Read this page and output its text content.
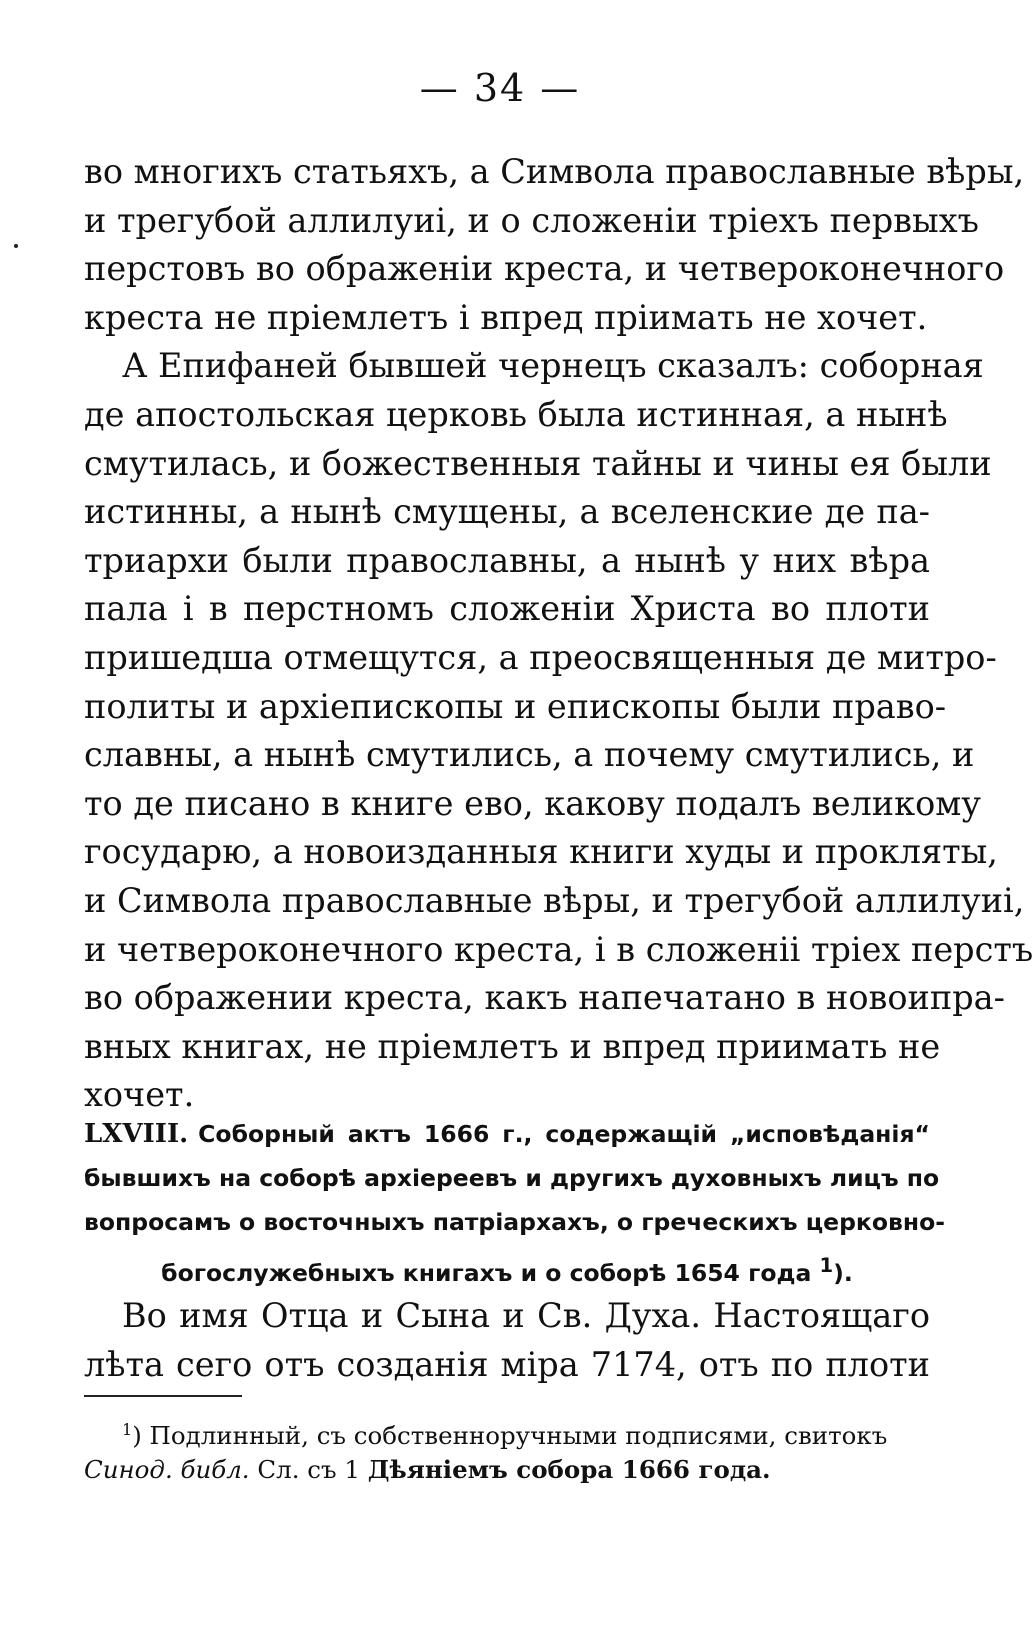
— 34 —
во многихъ статьяхъ, а Символа православные вѣры,
и трегубой аллилуиі, и о сложеніи тріехъ первыхъ
перстовъ во ображеніи креста, и четвероконечного
креста не пріемлетъ і впред пріимать не хочет.
А Епифаней бывшей чернецъ сказалъ: соборная
де апостольская церковь была истинная, а нынѣ
смутилась, и божественныя тайны и чины ея были
истинны, а нынѣ смущены, а вселенские де па-
триархи были православны, а нынѣ у них вѣра
пала і в перстномъ сложеніи Христа во плоти
пришедша отмещутся, а преосвященныя де митро-
политы и архіепископы и епископы были право-
славны, а нынѣ смутились, а почему смутились, и
то де писано в книге ево, какову подалъ великому
государю, а новоизданныя книги худы и прокляты,
и Символа православные вѣры, и трегубой аллилуиі,
и четвероконечного креста, і в сложеніі тріех перстъ
во ображении креста, какъ напечатано в новоипра-
вных книгах, не пріемлетъ и впред приимать не
хочет.
LXVIII. Соборный актъ 1666 г., содержащій „исповѣданія“
бывшихъ на соборѣ архіереевъ и другихъ духовныхъ лицъ по
вопросамъ о восточныхъ патріархахъ, о греческихъ церковно-
богослужебныхъ книгахъ и о соборѣ 1654 года $^1$).
Во имя Отца и Сына и Св. Духа. Настоящаго
лѣта сего отъ созданія міра 7174, отъ по плоти
$^1$) Подлинный, съ собственноручными подписями, свитокъ
Синод. библ. Сл. съ 1 Дѣяніемъ собора 1666 года.
